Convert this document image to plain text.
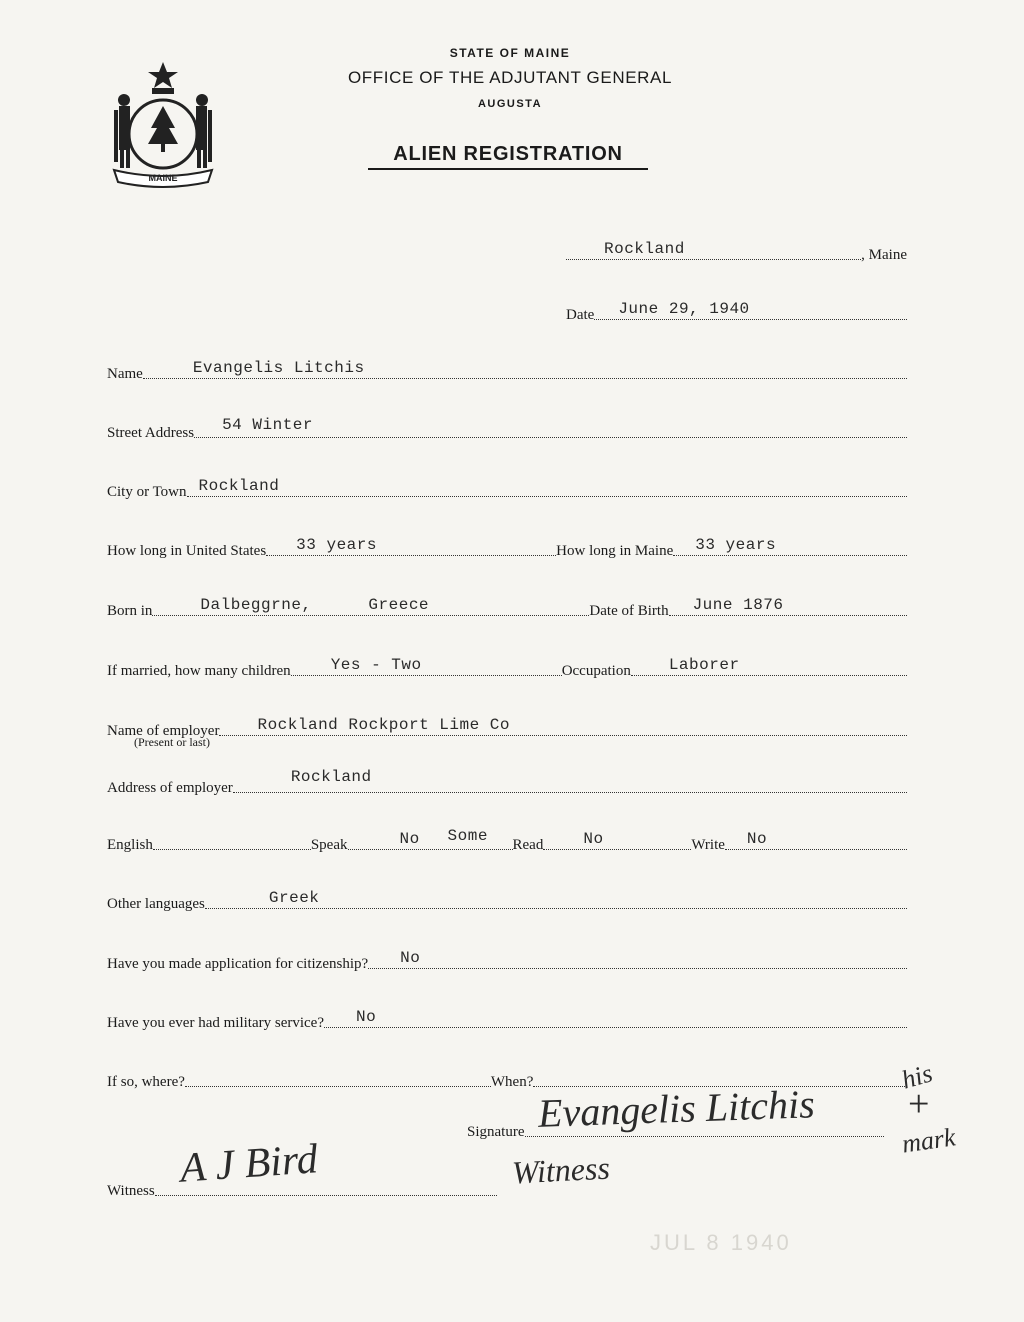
MAINE
STATE OF MAINE
OFFICE OF THE ADJUTANT GENERAL
AUGUSTA
ALIEN REGISTRATION
Rockland	, Maine
Date June 29, 1940
Name	Evangelis Litchis
Street Address 54 Winter
City or Town Rockland
How long in United States 33 years	How long in Maine 33 years
Born in	Dalbeggrne,	Greece	Date of Birth June 1876
If married, how many children	Yes - Two	Occupation Laborer
Name of employer Rockland Rockport Lime Co
(Present or last)
Address of employer
Rockland
English	Speak	No Some Read	No	Write No
Other languages	Greek
Have you made application for citizenship? No
Have you ever had military service? No
If so, where?	When?
Signature Evangelis Litchis
his
+
mark
Witness A J Bird	Witness
JUL 8 1940
